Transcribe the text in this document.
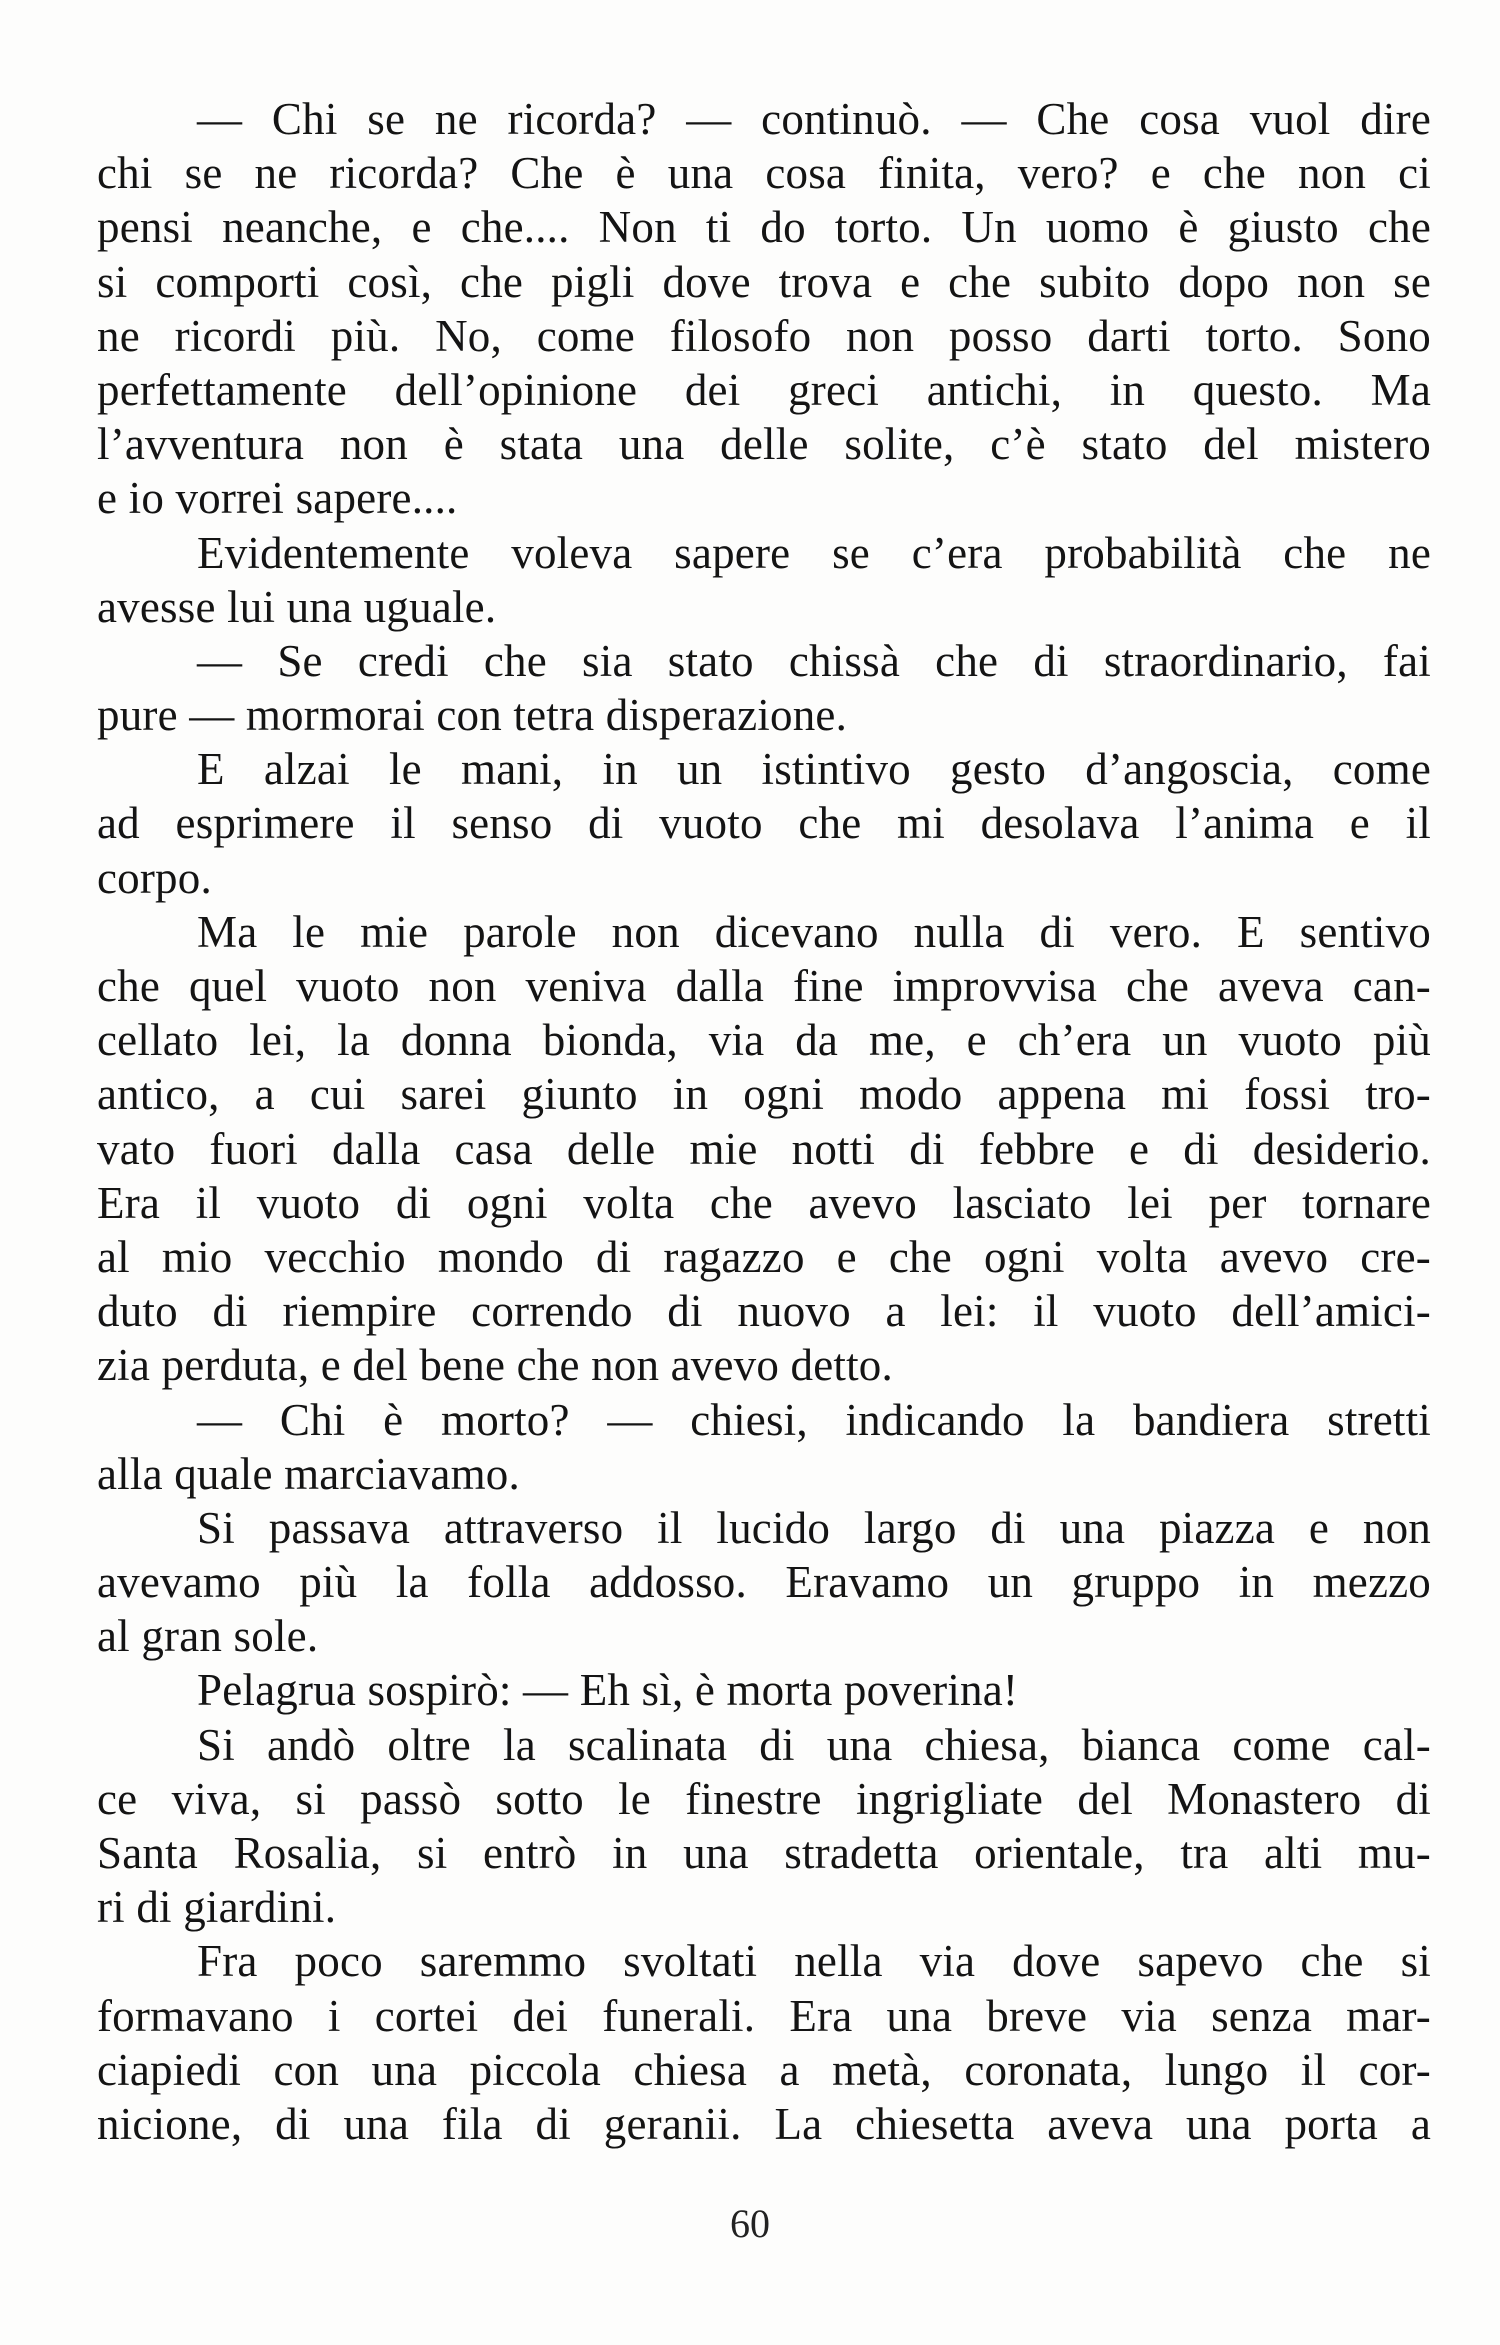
— Chi se ne ricorda? — continuò. — Che cosa vuol dire
chi se ne ricorda? Che è una cosa finita, vero? e che non ci
pensi neanche, e che.... Non ti do torto. Un uomo è giusto che
si comporti così, che pigli dove trova e che subito dopo non se
ne ricordi più. No, come filosofo non posso darti torto. Sono
perfettamente dell’opinione dei greci antichi, in questo. Ma
l’avventura non è stata una delle solite, c’è stato del mistero
e io vorrei sapere....
Evidentemente voleva sapere se c’era probabilità che ne
avesse lui una uguale.
— Se credi che sia stato chissà che di straordinario, fai
pure — mormorai con tetra disperazione.
E alzai le mani, in un istintivo gesto d’angoscia, come
ad esprimere il senso di vuoto che mi desolava l’anima e il
corpo.
Ma le mie parole non dicevano nulla di vero. E sentivo
che quel vuoto non veniva dalla fine improvvisa che aveva can-
cellato lei, la donna bionda, via da me, e ch’era un vuoto più
antico, a cui sarei giunto in ogni modo appena mi fossi tro-
vato fuori dalla casa delle mie notti di febbre e di desiderio.
Era il vuoto di ogni volta che avevo lasciato lei per tornare
al mio vecchio mondo di ragazzo e che ogni volta avevo cre-
duto di riempire correndo di nuovo a lei: il vuoto dell’amici-
zia perduta, e del bene che non avevo detto.
— Chi è morto? — chiesi, indicando la bandiera stretti
alla quale marciavamo.
Si passava attraverso il lucido largo di una piazza e non
avevamo più la folla addosso. Eravamo un gruppo in mezzo
al gran sole.
Pelagrua sospirò: — Eh sì, è morta poverina!
Si andò oltre la scalinata di una chiesa, bianca come cal-
ce viva, si passò sotto le finestre ingrigliate del Monastero di
Santa Rosalia, si entrò in una stradetta orientale, tra alti mu-
ri di giardini.
Fra poco saremmo svoltati nella via dove sapevo che si
formavano i cortei dei funerali. Era una breve via senza mar-
ciapiedi con una piccola chiesa a metà, coronata, lungo il cor-
nicione, di una fila di geranii. La chiesetta aveva una porta a
60
